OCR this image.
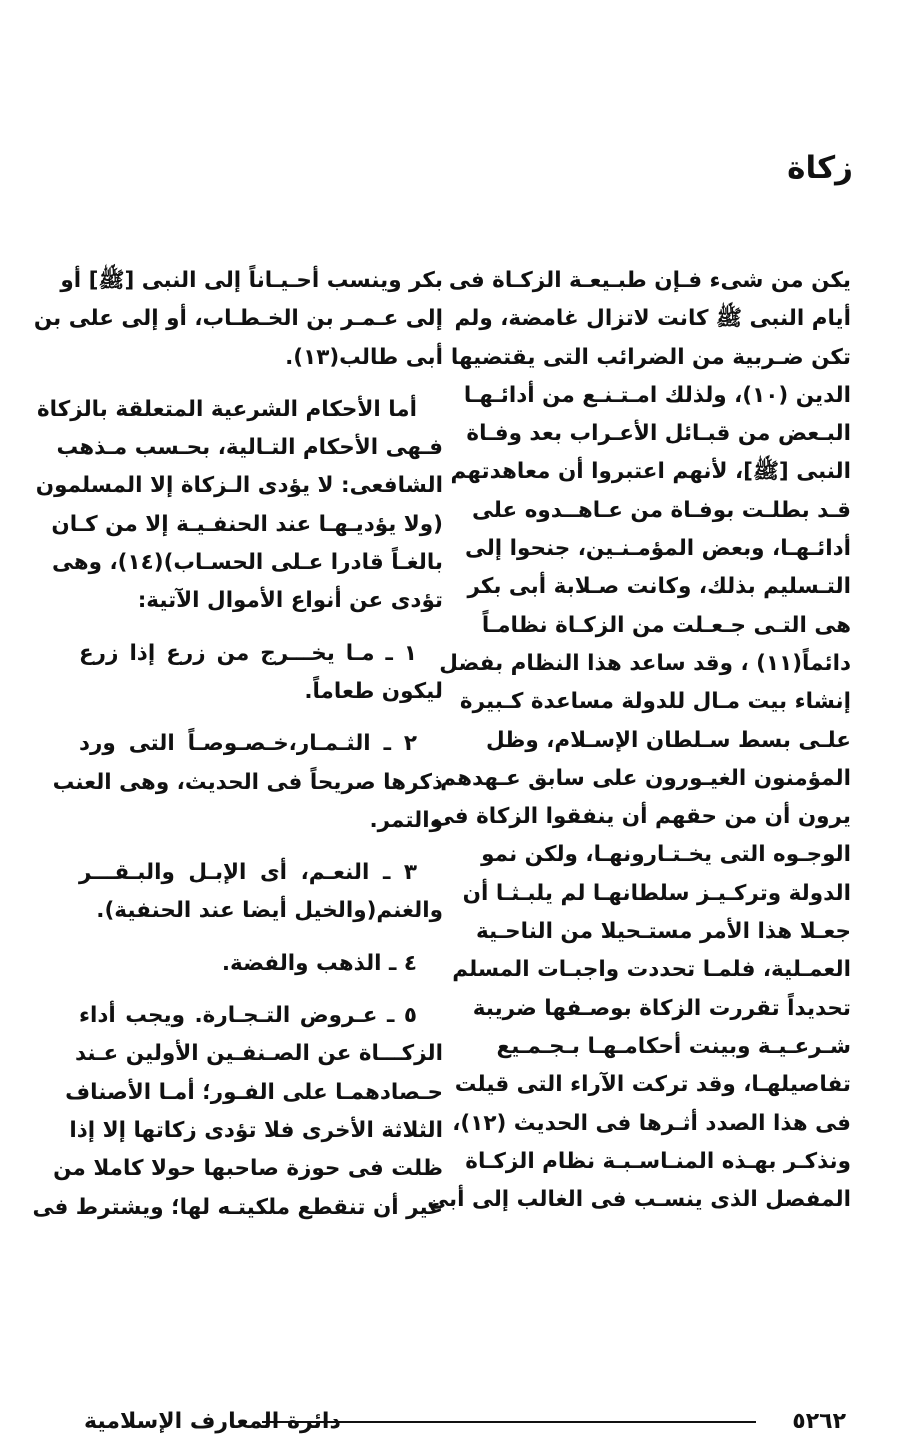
زكاة
يكن من شىء فـإن طبـيعـة الزكـاة فى
أيام النبى ﷺ كانت لاتزال غامضة، ولم
تكن ضـربية من الضرائب التى يقتضيها
الدين (١٠)، ولذلك امـتـنـع من أدائـهـا
البـعض من قبـائل الأعـراب بعد وفـاة
النبى [ﷺ]، لأنهم اعتبروا أن معاهدتهم
قـد بطلـت بوفـاة من عـاهــدوه على
أدائـهـا، وبعض المؤمـنـين، جنحوا إلى
التـسليم بذلك، وكانت صـلابة أبى بكر
هى التـى جـعـلت من الزكـاة نظامـاً
دائماً(١١) ، وقد ساعد هذا النظام بفضل
إنشاء بيت مـال للدولة مساعدة كـبيرة
علـى بسط سـلطان الإسـلام، وظل
المؤمنون الغيـورون على سابق عـهدهم
يرون أن من حقهم أن ينفقوا الزكاة فى
الوجـوه التى يخـتـارونهـا، ولكن نمو
الدولة وتركـيـز سلطانهـا لم يلبـثـا أن
جعـلا هذا الأمر مستـحيلا من الناحـية
العمـلية، فلمـا تحددت واجبـات المسلم
تحديداً تقررت الزكاة بوصـفها ضريبة
شـرعـيـة وبينت أحكامـهـا بـجـمـيع
تفاصيلهـا، وقد تركت الآراء التى قيلت
فى هذا الصدد أثـرها فى الحديث (١٢)،
ونذكـر بهـذه المنـاسـبـة نظام الزكـاة
المفصل الذى ينسـب فى الغالب إلى أبى
بكر وينسب أحـيـاناً إلى النبى [ﷺ] أو
إلى عـمـر بن الخـطـاب، أو إلى على بن
أبى طالب(١٣).
أما الأحكام الشرعية المتعلقة بالزكاة
فـهى الأحكام التـالية، بحـسب مـذهب
الشافعى: لا يؤدى الـزكاة إلا المسلمون
(ولا يؤديـهـا عند الحنفـيـة إلا من كـان
بالغـاً قادرا عـلى الحسـاب)(١٤)، وهى
تؤدى عن أنواع الأموال الآتية:
١ ـ مـا يخـــرج من زرع إذا زرع
ليكون طعاماً.
٢ ـ الثـمـار،خـصـوصـاً التى ورد
ذكرها صريحاً فى الحديث، وهى العنب
والتمر.
٣ ـ النعـم، أى الإبـل والبـقـــر
والغنم(والخيل أيضا عند الحنفية).
٤ ـ الذهب والفضة.
٥ ـ عـروض التـجـارة. ويجب أداء
الزكـــاة عن الصـنفـين الأولين عـند
حـصادهمـا على الفـور؛ أمـا الأصناف
الثلاثة الأخرى فلا تؤدى زكاتها إلا إذا
ظلت فى حوزة صاحبها حولا كاملا من
غير أن تنقطع ملكيتـه لها؛ ويشترط فى
٥٢٦٢
دائرة المعارف الإسلامية
